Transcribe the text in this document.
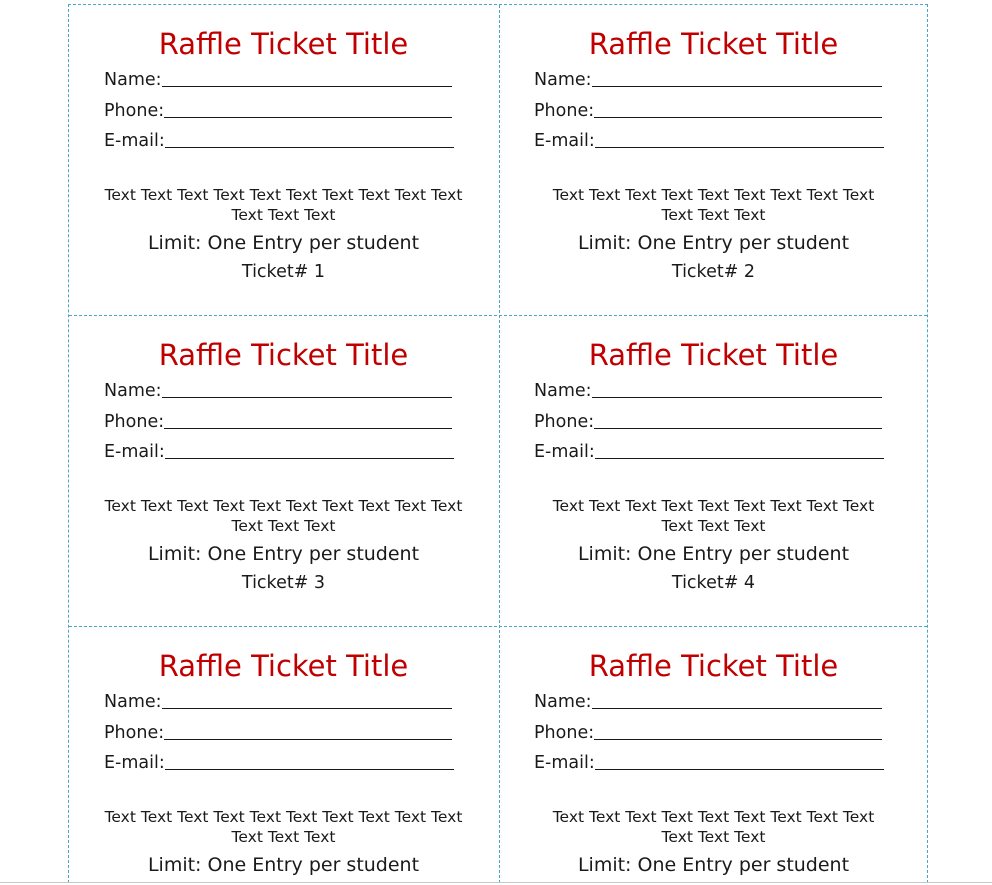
Raffle Ticket Title
Name:
Phone:
E-mail:
Text Text Text Text Text Text Text Text Text Text Text Text Text
Limit: One Entry per student
Ticket# 1
Raffle Ticket Title
Name:
Phone:
E-mail:
Text Text Text Text Text Text Text Text Text Text Text Text
Limit: One Entry per student
Ticket# 2
Raffle Ticket Title
Name:
Phone:
E-mail:
Text Text Text Text Text Text Text Text Text Text Text Text Text
Limit: One Entry per student
Ticket# 3
Raffle Ticket Title
Name:
Phone:
E-mail:
Text Text Text Text Text Text Text Text Text Text Text Text
Limit: One Entry per student
Ticket# 4
Raffle Ticket Title
Name:
Phone:
E-mail:
Text Text Text Text Text Text Text Text Text Text Text Text Text
Limit: One Entry per student
Raffle Ticket Title
Name:
Phone:
E-mail:
Text Text Text Text Text Text Text Text Text Text Text Text
Limit: One Entry per student
